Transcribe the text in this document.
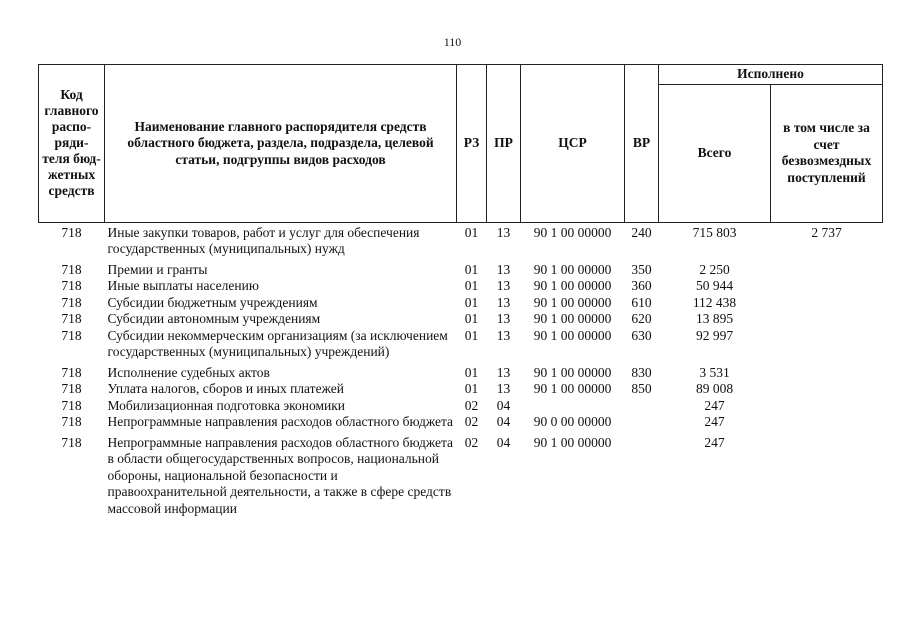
110
Код главного распо-ряди-теля бюд-жетных средств	Наименование главного распорядителя средств областного бюджета, раздела, подраздела, целевой статьи, подгруппы видов расходов	РЗ	ПР	ЦСР	ВР	Исполнено	
						Всего	в том числе за счет безвозмездных поступлений
718	Иные закупки товаров, работ и услуг для обеспечения государственных (муниципальных) нужд	01	13	90 1 00 00000	240	715 803	2 737

718	Премии и гранты	01	13	90 1 00 00000	350	2 250	
718	Иные выплаты населению	01	13	90 1 00 00000	360	50 944	
718	Субсидии бюджетным учреждениям	01	13	90 1 00 00000	610	112 438	
718	Субсидии автономным учреждениям	01	13	90 1 00 00000	620	13 895	
718	Субсидии некоммерческим организациям (за исключением государственных (муниципальных) учреждений)	01	13	90 1 00 00000	630	92 997	

718	Исполнение судебных актов	01	13	90 1 00 00000	830	3 531	
718	Уплата налогов, сборов и иных платежей	01	13	90 1 00 00000	850	89 008	
718	Мобилизационная подготовка экономики	02	04			247	
718	Непрограммные направления расходов областного бюджета	02	04	90 0 00 00000		247	

718	Непрограммные направления расходов областного бюджета в области общегосударственных вопросов, национальной обороны, национальной безопасности и правоохранительной деятельности, а также в сфере средств массовой информации	02	04	90 1 00 00000		247	
